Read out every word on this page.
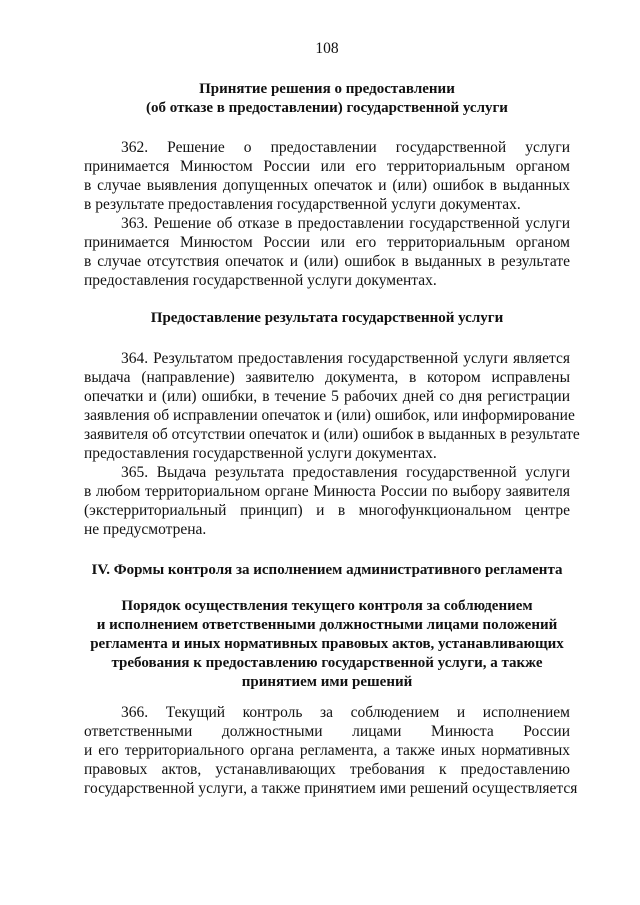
108
Принятие решения о предоставлении
(об отказе в предоставлении) государственной услуги
362. Решение о предоставлении государственной услуги
принимается Минюстом России или его территориальным органом
в случае выявления допущенных опечаток и (или) ошибок в выданных
в результате предоставления государственной услуги документах.
363. Решение об отказе в предоставлении государственной услуги
принимается Минюстом России или его территориальным органом
в случае отсутствия опечаток и (или) ошибок в выданных в результате
предоставления государственной услуги документах.
Предоставление результата государственной услуги
364. Результатом предоставления государственной услуги является
выдача (направление) заявителю документа, в котором исправлены
опечатки и (или) ошибки, в течение 5 рабочих дней со дня регистрации
заявления об исправлении опечаток и (или) ошибок, или информирование
заявителя об отсутствии опечаток и (или) ошибок в выданных в результате
предоставления государственной услуги документах.
365. Выдача результата предоставления государственной услуги
в любом территориальном органе Минюста России по выбору заявителя
(экстерриториальный принцип) и в многофункциональном центре
не предусмотрена.
IV. Формы контроля за исполнением административного регламента
Порядок осуществления текущего контроля за соблюдением
и исполнением ответственными должностными лицами положений
регламента и иных нормативных правовых актов, устанавливающих
требования к предоставлению государственной услуги, а также
принятием ими решений
366. Текущий контроль за соблюдением и исполнением
ответственными должностными лицами Минюста России
и его территориального органа регламента, а также иных нормативных
правовых актов, устанавливающих требования к предоставлению
государственной услуги, а также принятием ими решений осуществляется
